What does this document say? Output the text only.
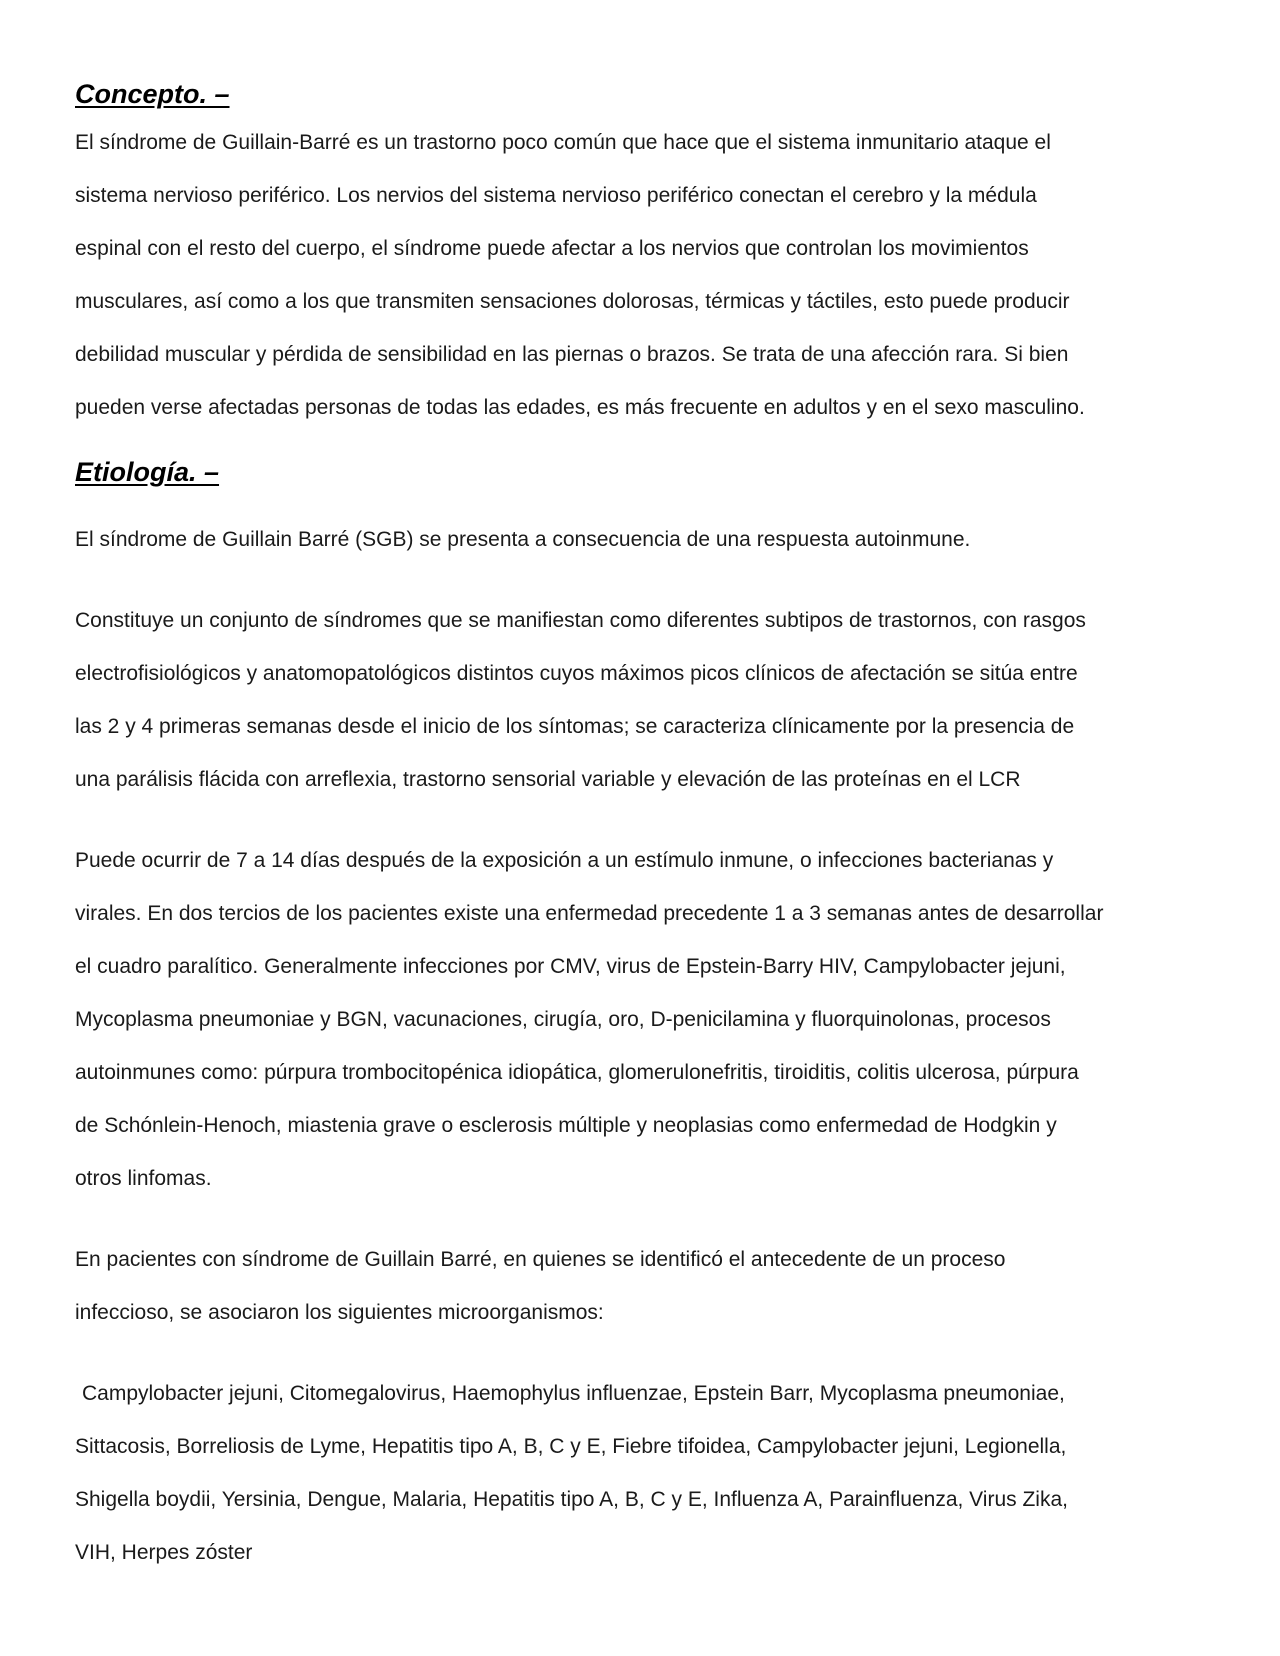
Concepto. –

El síndrome de Guillain-Barré es un trastorno poco común que hace que el sistema inmunitario ataque el
sistema nervioso periférico. Los nervios del sistema nervioso periférico conectan el cerebro y la médula
espinal con el resto del cuerpo, el síndrome puede afectar a los nervios que controlan los movimientos
musculares, así como a los que transmiten sensaciones dolorosas, térmicas y táctiles, esto puede producir
debilidad muscular y pérdida de sensibilidad en las piernas o brazos. Se trata de una afección rara. Si bien
pueden verse afectadas personas de todas las edades, es más frecuente en adultos y en el sexo masculino.

Etiología. –

El síndrome de Guillain Barré (SGB) se presenta a consecuencia de una respuesta autoinmune.

Constituye un conjunto de síndromes que se manifiestan como diferentes subtipos de trastornos, con rasgos
electrofisiológicos y anatomopatológicos distintos cuyos máximos picos clínicos de afectación se sitúa entre
las 2 y 4 primeras semanas desde el inicio de los síntomas; se caracteriza clínicamente por la presencia de
una parálisis flácida con arreflexia, trastorno sensorial variable y elevación de las proteínas en el LCR

Puede ocurrir de 7 a 14 días después de la exposición a un estímulo inmune, o infecciones bacterianas y
virales. En dos tercios de los pacientes existe una enfermedad precedente 1 a 3 semanas antes de desarrollar
el cuadro paralítico. Generalmente infecciones por CMV, virus de Epstein-Barry HIV, Campylobacter jejuni,
Mycoplasma pneumoniae y BGN, vacunaciones, cirugía, oro, D-penicilamina y fluorquinolonas, procesos
autoinmunes como: púrpura trombocitopénica idiopática, glomerulonefritis, tiroiditis, colitis ulcerosa, púrpura
de Schónlein-Henoch, miastenia grave o esclerosis múltiple y neoplasias como enfermedad de Hodgkin y
otros linfomas.

En pacientes con síndrome de Guillain Barré, en quienes se identificó el antecedente de un proceso
infeccioso, se asociaron los siguientes microorganismos:

Campylobacter jejuni, Citomegalovirus, Haemophylus influenzae, Epstein Barr, Mycoplasma pneumoniae,
Sittacosis, Borreliosis de Lyme, Hepatitis tipo A, B, C y E, Fiebre tifoidea, Campylobacter jejuni, Legionella,
Shigella boydii, Yersinia, Dengue, Malaria, Hepatitis tipo A, B, C y E, Influenza A, Parainfluenza, Virus Zika,
VIH, Herpes zóster
